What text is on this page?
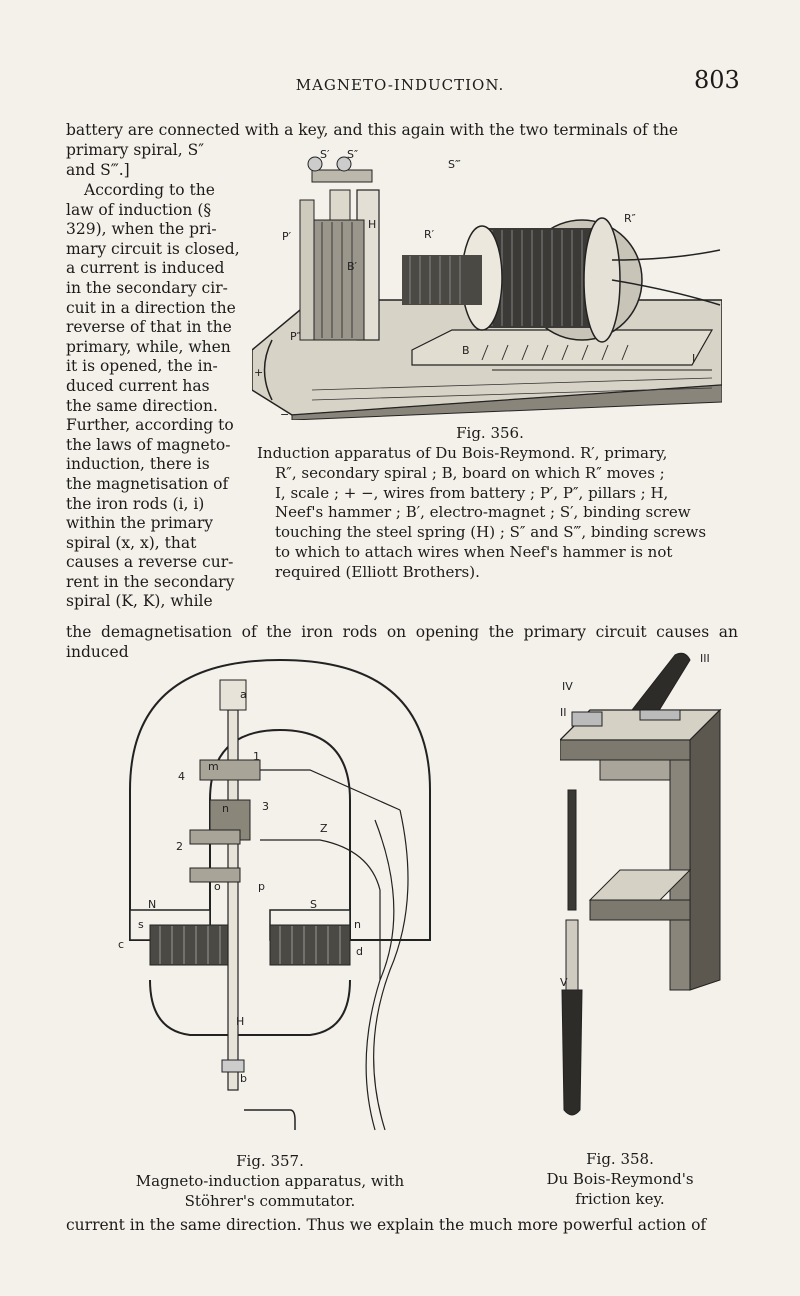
MAGNETO-INDUCTION.	803
battery are connected with a key, and this again with the two terminals of the
primary spiral, S″
and S‴.]
According to the
law of induction (§
329), when the pri-
mary circuit is closed,
a current is induced
in the secondary cir-
cuit in a direction the
reverse of that in the
primary, while, when
it is opened, the in-
duced current has
the same direction.
Further, according to
the laws of magneto-
induction, there is
the magnetisation of
the iron rods (i, i)
within the primary
spiral (x, x), that
causes a reverse cur-
rent in the secondary
spiral (K, K), while
S′ S″
S‴
P′
P″
H
R′
R″
B′
B
I
+
−
Fig. 356.
Induction apparatus of Du Bois-Reymond. R′, primary,
R″, secondary spiral ; B, board on which R″ moves ;
I, scale ; + −, wires from battery ; P′, P″, pillars ; H,
Neef's hammer ; B′, electro-magnet ; S′, binding screw
touching the steel spring (H) ; S″ and S‴, binding screws
to which to attach wires when Neef's hammer is not
required (Elliott Brothers).
the demagnetisation of the iron rods on opening the primary circuit causes an induced
a
m
1
4
n	3
2
Z
o	p
N	S
s
c
n
d
H
b
IV
II
III
V
Fig. 357.
Magneto-induction apparatus, with
Stöhrer's commutator.
Fig. 358.
Du Bois-Reymond's
friction key.
current in the same direction. Thus we explain the much more powerful action of
